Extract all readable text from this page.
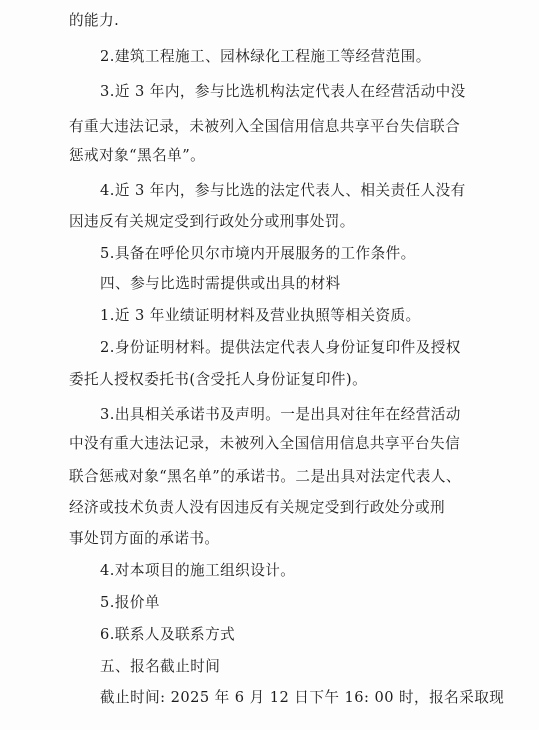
的能力.
2.建筑工程施工、园林绿化工程施工等经营范围。
3.近 3 年内，参与比选机构法定代表人在经营活动中没
有重大违法记录，未被列入全国信用信息共享平台失信联合
惩戒对象“黑名单”。
4.近 3 年内，参与比选的法定代表人、相关责任人没有
因违反有关规定受到行政处分或刑事处罚。
5.具备在呼伦贝尔市境内开展服务的工作条件。
四、参与比选时需提供或出具的材料
1.近 3 年业绩证明材料及营业执照等相关资质。
2.身份证明材料。提供法定代表人身份证复印件及授权
委托人授权委托书(含受托人身份证复印件)。
3.出具相关承诺书及声明。一是出具对往年在经营活动
中没有重大违法记录，未被列入全国信用信息共享平台失信
联合惩戒对象“黑名单”的承诺书。二是出具对法定代表人、
经济或技术负责人没有因违反有关规定受到行政处分或刑
事处罚方面的承诺书。
4.对本项目的施工组织设计。
5.报价单
6.联系人及联系方式
五、报名截止时间
截止时间: 2025 年 6 月 12 日下午 16: 00 时，报名采取现
